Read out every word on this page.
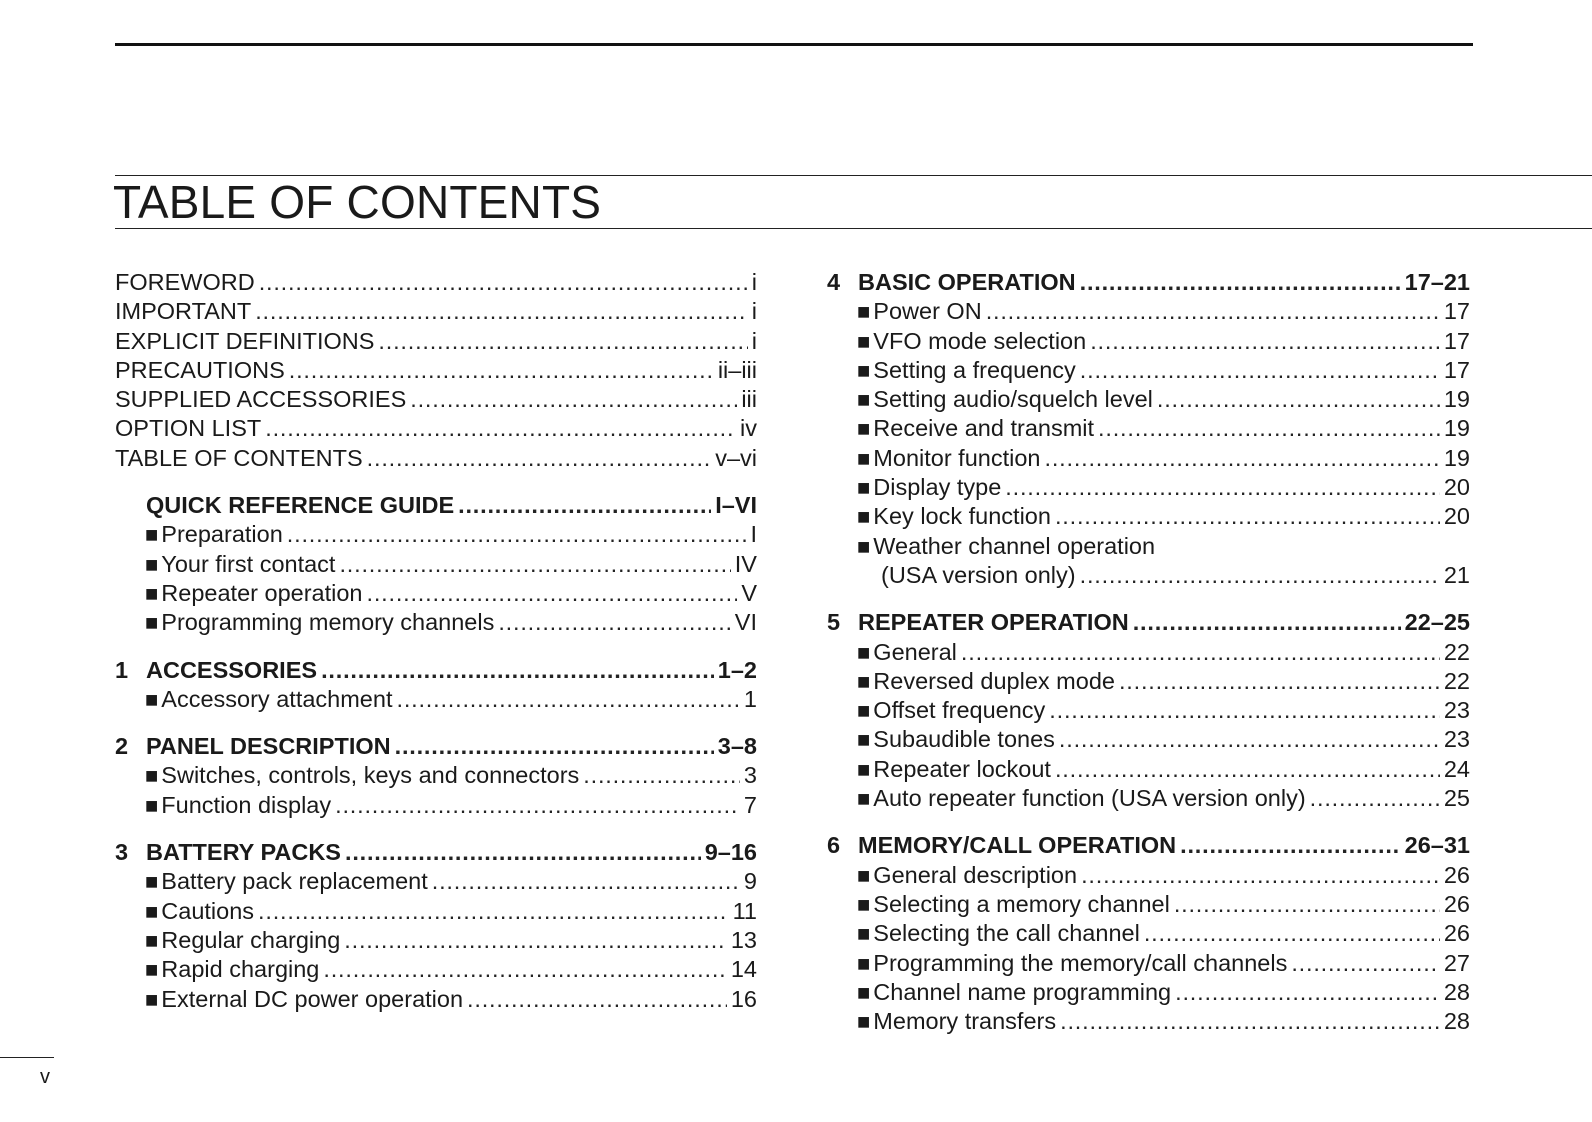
TABLE OF CONTENTS
FOREWORD .....	i
IMPORTANT .....	i
EXPLICIT DEFINITIONS .....	i
PRECAUTIONS .....	ii–iii
SUPPLIED ACCESSORIES .....	iii
OPTION LIST .....	iv
TABLE OF CONTENTS .....	v–vi
QUICK REFERENCE GUIDE .....	I–VI
■ Preparation .....	I
■ Your first contact .....	IV
■ Repeater operation .....	V
■ Programming memory channels .....	VI
1 ACCESSORIES .....	1–2
■ Accessory attachment .....	1
2 PANEL DESCRIPTION .....	3–8
■ Switches, controls, keys and connectors .....	3
■ Function display .....	7
3 BATTERY PACKS .....	9–16
■ Battery pack replacement .....	9
■ Cautions .....	11
■ Regular charging .....	13
■ Rapid charging .....	14
■ External DC power operation .....	16
4 BASIC OPERATION .....	17–21
■ Power ON .....	17
■ VFO mode selection .....	17
■ Setting a frequency .....	17
■ Setting audio/squelch level .....	19
■ Receive and transmit .....	19
■ Monitor function .....	19
■ Display type .....	20
■ Key lock function .....	20
■ Weather channel operation
(USA version only) .....	21
5 REPEATER OPERATION .....	22–25
■ General .....	22
■ Reversed duplex mode .....	22
■ Offset frequency .....	23
■ Subaudible tones .....	23
■ Repeater lockout .....	24
■ Auto repeater function (USA version only) .....	25
6 MEMORY/CALL OPERATION .....	26–31
■ General description .....	26
■ Selecting a memory channel .....	26
■ Selecting the call channel .....	26
■ Programming the memory/call channels .....	27
■ Channel name programming .....	28
■ Memory transfers .....	28
v
